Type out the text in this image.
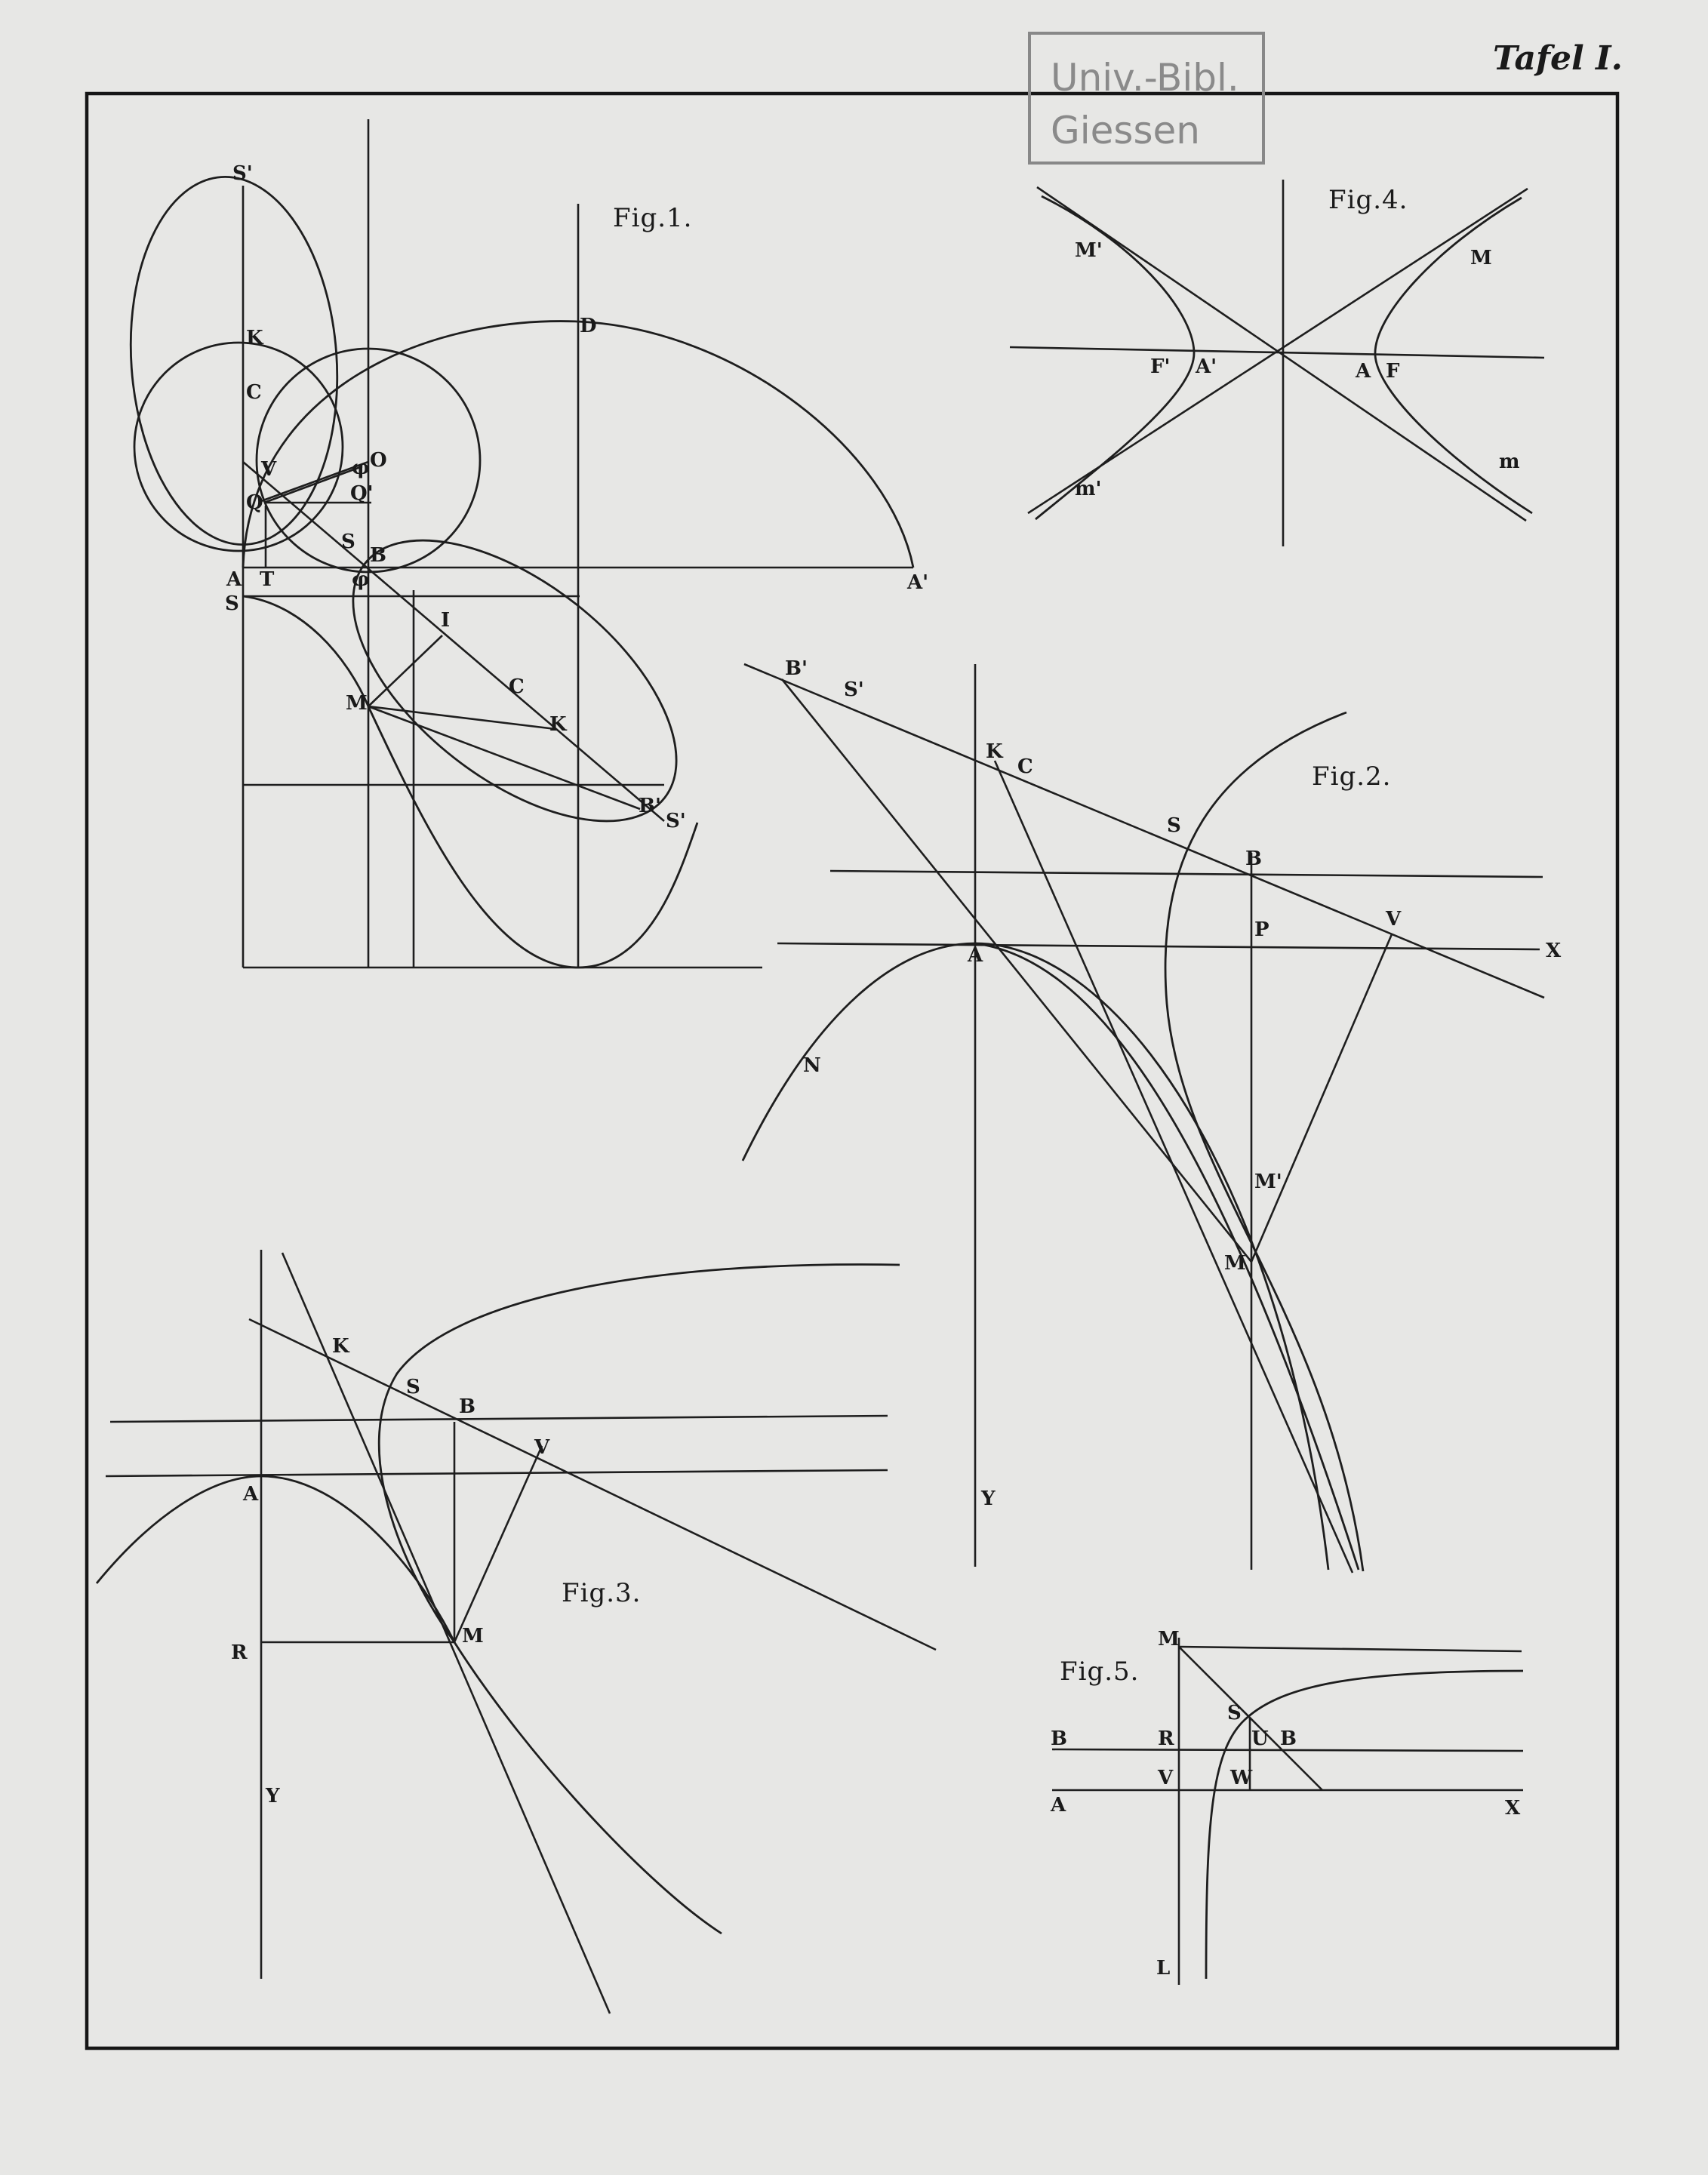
Tafel I.
Univ.-Bibl.
Giessen
Fig.1.
S'
K
C
D
V	O
φ
Q	Q'
S
B
φ
A T	A'
S
I
C
M
K
B'
S'
Fig.4.
M'	M
F' A'	A F
m'
m
Fig.2.
B'
S'
K
C
S
B
P	V
X
A
N
M'
M
Y
Fig.3.
K
S
B
V
A
M
R
Y
Fig.5.
M
S
U B
R
B
V	W
A	X
L
